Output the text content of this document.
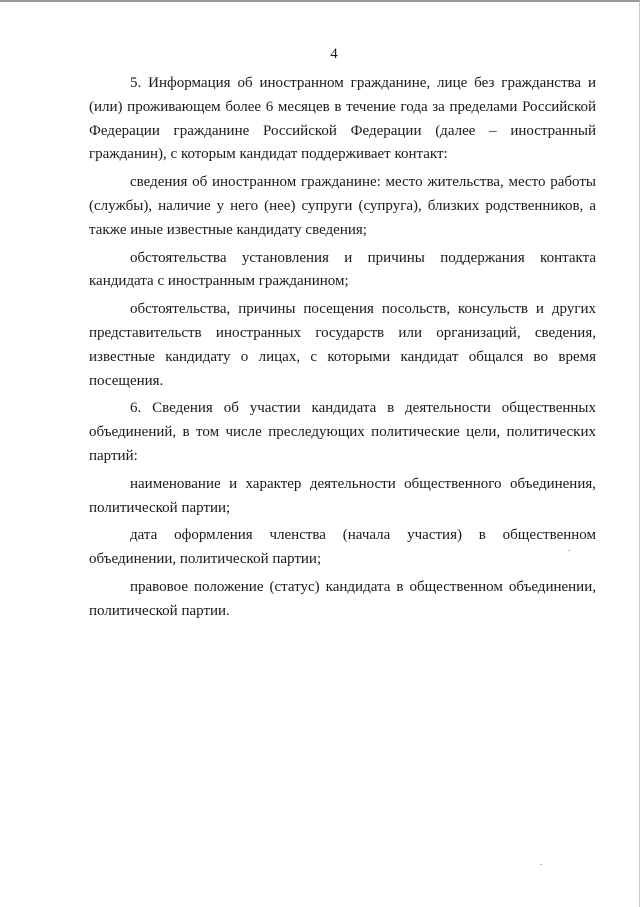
4

5. Информация об иностранном гражданине, лице без гражданства и (или) проживающем более 6 месяцев в течение года за пределами Российской Федерации гражданине Российской Федерации (далее – иностранный гражданин), с которым кандидат поддерживает контакт:

сведения об иностранном гражданине: место жительства, место работы (службы), наличие у него (нее) супруги (супруга), близких родственников, а также иные известные кандидату сведения;

обстоятельства установления и причины поддержания контакта кандидата с иностранным гражданином;

обстоятельства, причины посещения посольств, консульств и других представительств иностранных государств или организаций, сведения, известные кандидату о лицах, с которыми кандидат общался во время посещения.

6. Сведения об участии кандидата в деятельности общественных объединений, в том числе преследующих политические цели, политических партий:

наименование и характер деятельности общественного объединения, политической партии;

дата оформления членства (начала участия) в общественном объединении, политической партии;

правовое положение (статус) кандидата в общественном объединении, политической партии.
